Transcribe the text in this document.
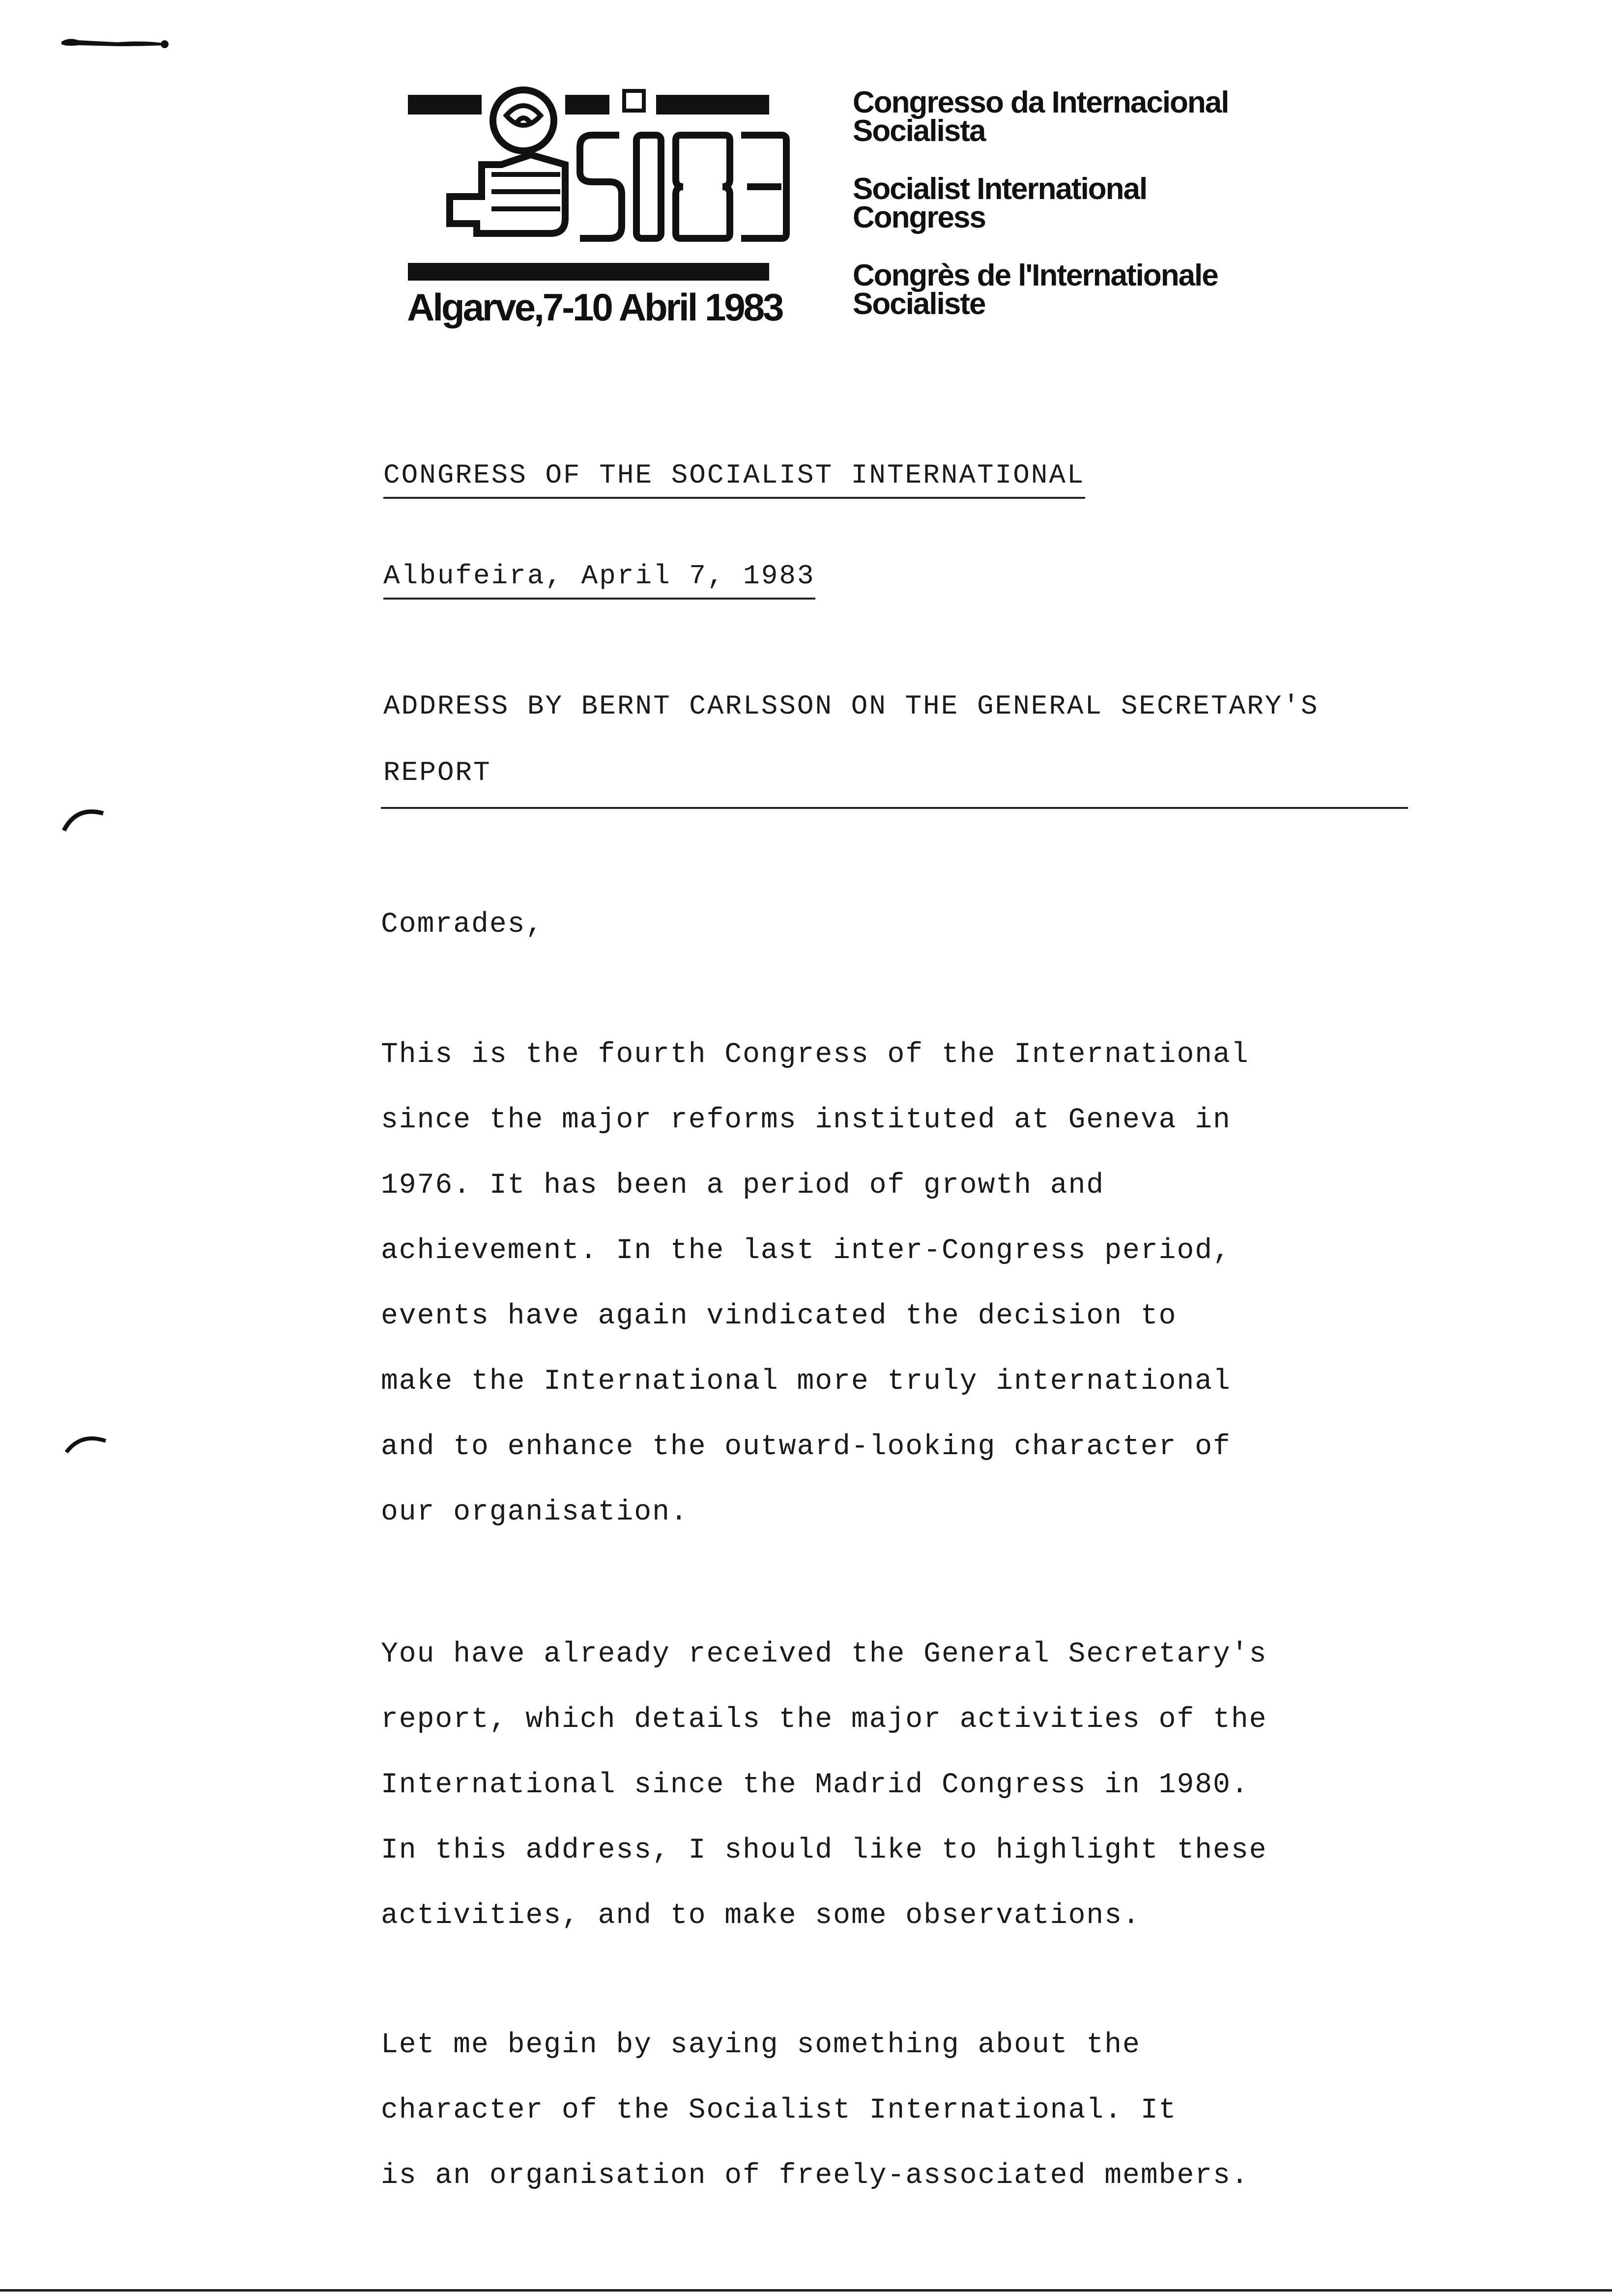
Algarve,7-10 Abril 1983
Congresso da Internacional
Socialista
Socialist International
Congress
Congrès de l'Internationale
Socialiste
CONGRESS OF THE SOCIALIST INTERNATIONAL
Albufeira, April 7, 1983
ADDRESS BY BERNT CARLSSON ON THE GENERAL SECRETARY'S
REPORT
Comrades,
This is the fourth Congress of the International
since the major reforms instituted at Geneva in
1976. It has been a period of growth and
achievement. In the last inter-Congress period,
events have again vindicated the decision to
make the International more truly international
and to enhance the outward-looking character of
our organisation.
You have already received the General Secretary's
report, which details the major activities of the
International since the Madrid Congress in 1980.
In this address, I should like to highlight these
activities, and to make some observations.
Let me begin by saying something about the
character of the Socialist International. It
is an organisation of freely-associated members.
